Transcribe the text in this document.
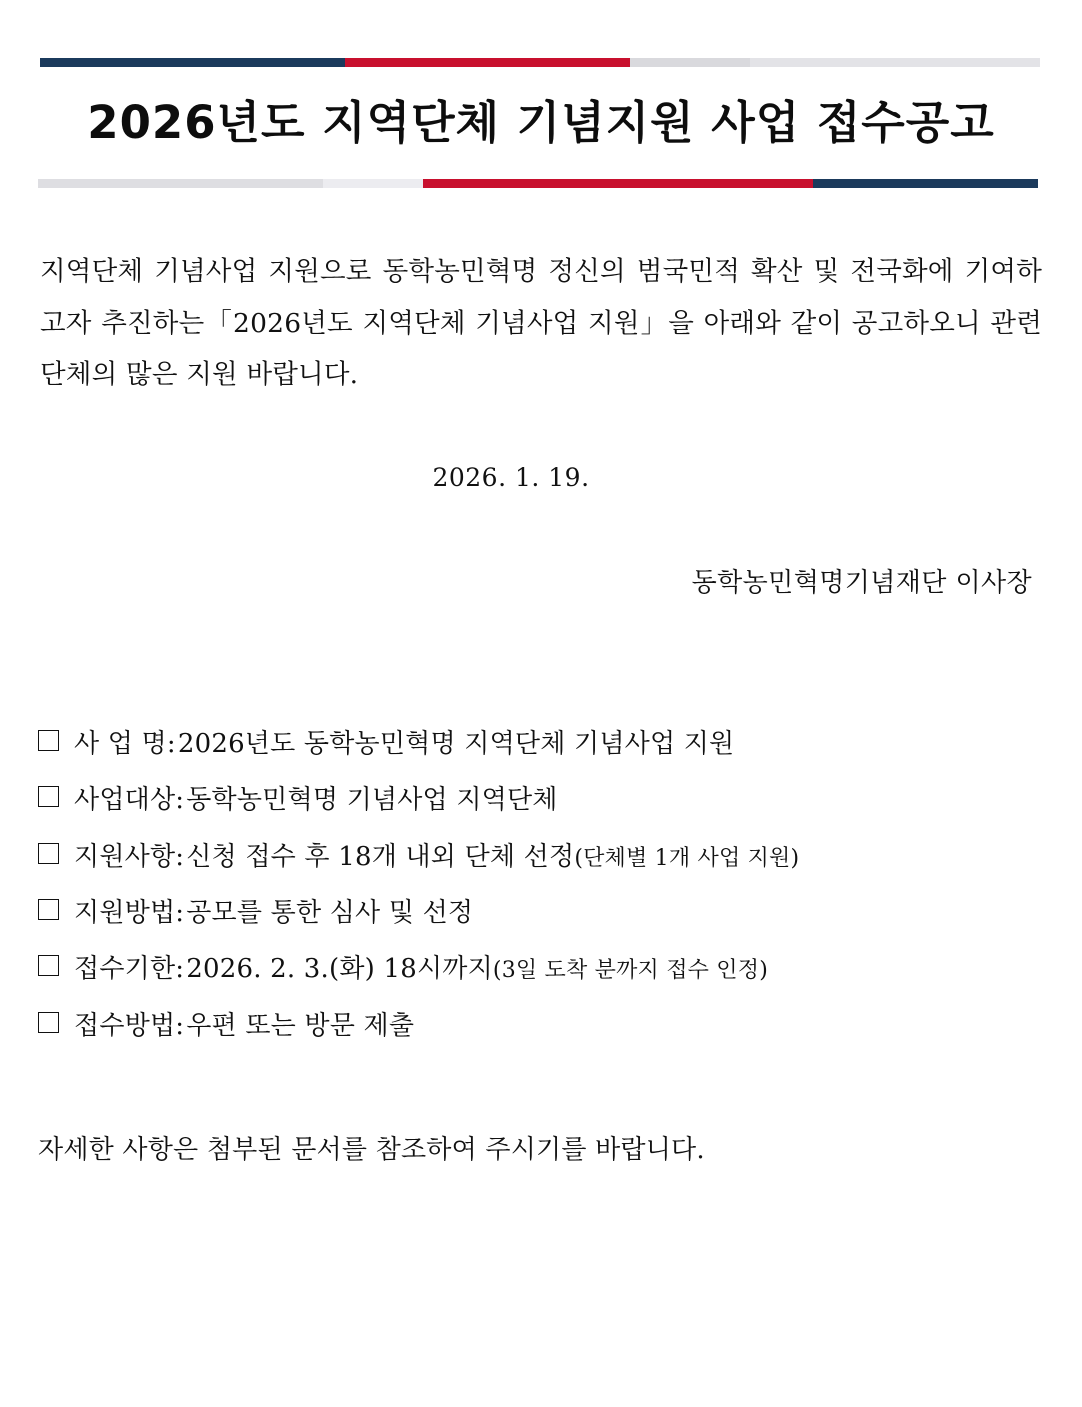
2026년도 지역단체 기념지원 사업 접수공고

지역단체 기념사업 지원으로 동학농민혁명 정신의 범국민적 확산 및 전국화에 기여하고자 추진하는「2026년도 지역단체 기념사업 지원」을 아래와 같이 공고하오니 관련 단체의 많은 지원 바랍니다.

2026. 1. 19.
동학농민혁명기념재단 이사장
사 업 명: 2026년도 동학농민혁명 지역단체 기념사업 지원
사업대상: 동학농민혁명 기념사업 지역단체
지원사항: 신청 접수 후 18개 내외 단체 선정(단체별 1개 사업 지원)
지원방법: 공모를 통한 심사 및 선정
접수기한: 2026. 2. 3.(화) 18시까지(3일 도착 분까지 접수 인정)
접수방법: 우편 또는 방문 제출
자세한 사항은 첨부된 문서를 참조하여 주시기를 바랍니다.
